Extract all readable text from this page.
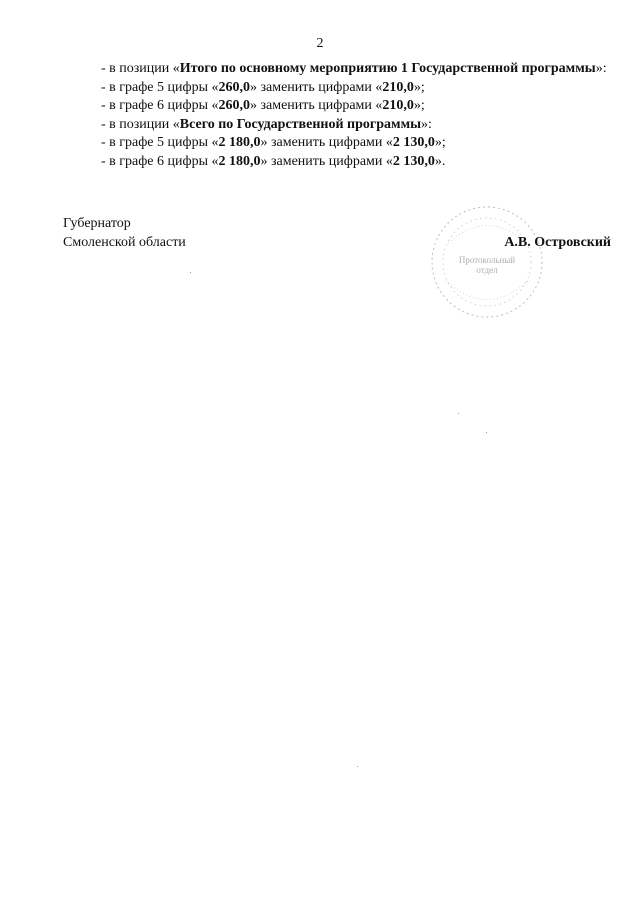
2

- в позиции «Итого по основному мероприятию 1 Государственной программы»:

- в графе 5 цифры «260,0» заменить цифрами «210,0»;

- в графе 6 цифры «260,0» заменить цифрами «210,0»;

- в позиции «Всего по Государственной программы»:

- в графе 5 цифры «2 180,0» заменить цифрами «2 130,0»;

- в графе 6 цифры «2 180,0» заменить цифрами «2 130,0».

Протокольный
отдел
Губернатор
Смоленской области	А.В. Островский
